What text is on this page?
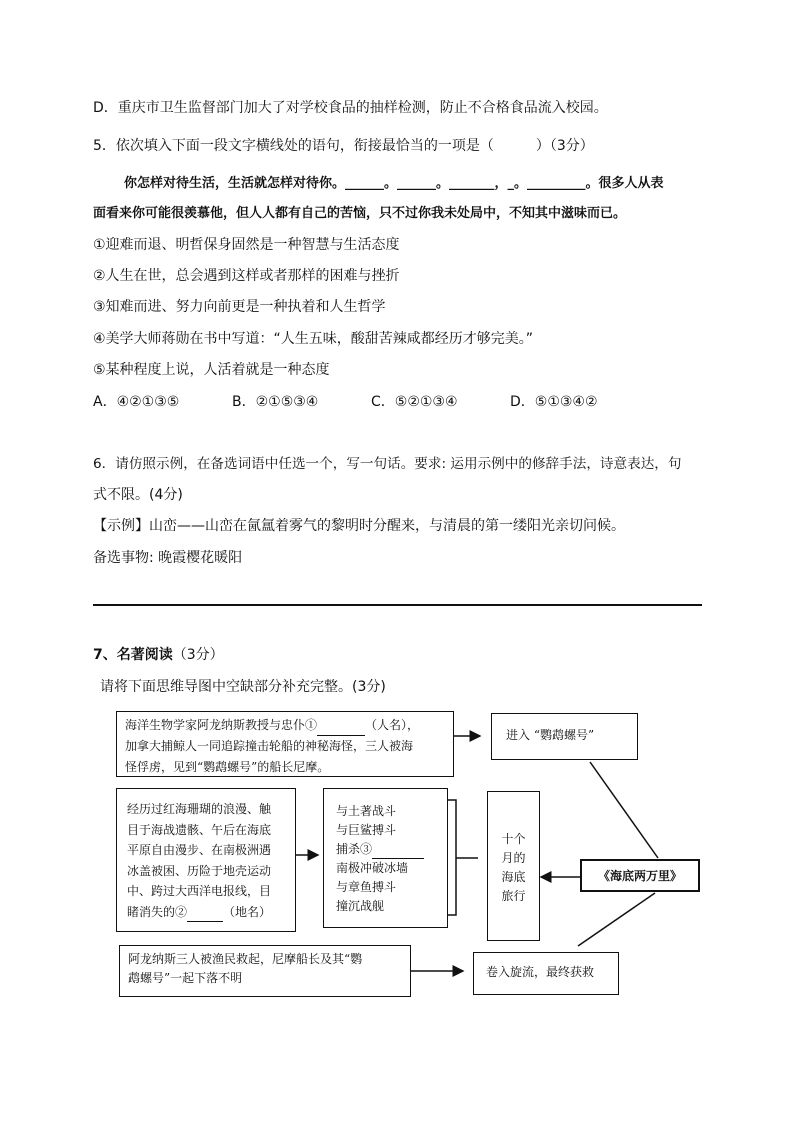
D．重庆市卫生监督部门加大了对学校食品的抽样检测，防止不合格食品流入校园。
5．依次填入下面一段文字横线处的语句，衔接最恰当的一项是（　　　）（3分）
你怎样对待生活，生活就怎样对待你。______。______。_______，_。_________。很多人从表
面看来你可能很羡慕他，但人人都有自己的苦恼，只不过你我未处局中，不知其中滋味而已。
①迎难而退、明哲保身固然是一种智慧与生活态度
②人生在世，总会遇到这样或者那样的困难与挫折
③知难而进、努力向前更是一种执着和人生哲学
④美学大师蒋勋在书中写道：“人生五味，酸甜苦辣咸都经历才够完美。”
⑤某种程度上说，人活着就是一种态度
A．④②①③⑤	B．②①⑤③④	C．⑤②①③④	D．⑤①③④②
6．请仿照示例，在备选词语中任选一个，写一句话。要求: 运用示例中的修辞手法，诗意表达，句
式不限。(4分)
【示例】山峦——山峦在氤氲着雾气的黎明时分醒来，与清晨的第一缕阳光亲切问候。
备选事物: 晚霞樱花暖阳
7、名著阅读（3分）
请将下面思维导图中空缺部分补充完整。(3分)
海洋生物学家阿龙纳斯教授与忠仆①	（人名），
加拿大捕鲸人一同追踪撞击轮船的神秘海怪，三人被海
怪俘虏，见到“鹦鹉螺号”的船长尼摩。
进入 “鹦鹉螺号”
经历过红海珊瑚的浪漫、触
目于海战遗骸、午后在海底
平原自由漫步、在南极洲遇
冰盖被困、历险于地壳运动
中、跨过大西洋电报线，目
睹消失的②	（地名）
与土著战斗
与巨鲨搏斗
捕杀③
南极冲破冰墙
与章鱼搏斗
撞沉战舰
十个
月的
海底
旅行
《海底两万里》
阿龙纳斯三人被渔民救起，尼摩船长及其“鹦
鹉螺号”一起下落不明	卷入旋流，最终获救
